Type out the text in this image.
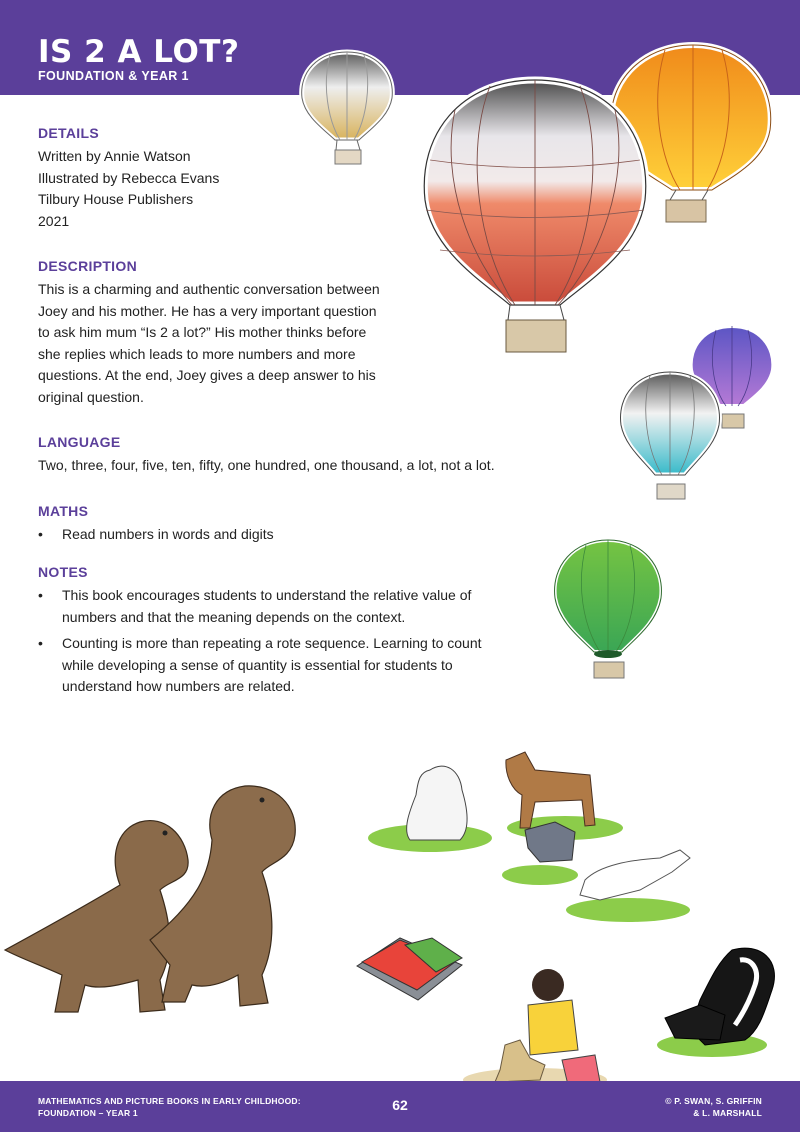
IS 2 A LOT?
FOUNDATION & YEAR 1
DETAILS
Written by Annie Watson
Illustrated by Rebecca Evans
Tilbury House Publishers
2021
DESCRIPTION
This is a charming and authentic conversation between
Joey and his mother. He has a very important question
to ask him mum “Is 2 a lot?” His mother thinks before
she replies which leads to more numbers and more
questions. At the end, Joey gives a deep answer to his
original question.
LANGUAGE
Two, three, four, five, ten, fifty, one hundred, one thousand, a lot, not a lot.
MATHS
• Read numbers in words and digits
NOTES
• This book encourages students to understand the relative value of
numbers and that the meaning depends on the context.
• Counting is more than repeating a rote sequence. Learning to count
while developing a sense of quantity is essential for students to
understand how numbers are related.
MATHEMATICS AND PICTURE BOOKS IN EARLY CHILDHOOD:
FOUNDATION – YEAR 1	62	© P. SWAN, S. GRIFFIN
& L. MARSHALL
